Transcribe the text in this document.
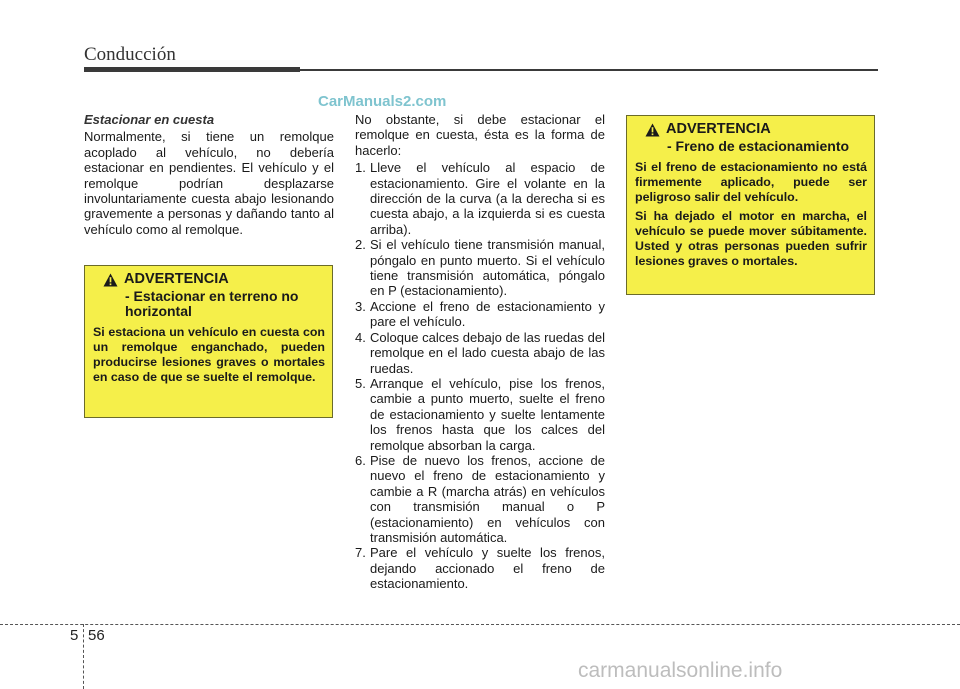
Conducción
CarManuals2.com

Estacionar en cuesta

Normalmente, si tiene un remolque acoplado al vehículo, no debería estacionar en pendientes. El vehículo y el remolque podrían desplazarse involuntariamente cuesta abajo lesionando gravemente a personas y dañando tanto al vehículo como al remolque.

ADVERTENCIA
- Estacionar en terreno no horizontal

Si estaciona un vehículo en cuesta con un remolque enganchado, pueden producirse lesiones graves o mortales en caso de que se suelte el remolque.

No obstante, si debe estacionar el remolque en cuesta, ésta es la forma de hacerlo:

1. Lleve el vehículo al espacio de estacionamiento. Gire el volante en la dirección de la curva (a la derecha si es cuesta abajo, a la izquierda si es cuesta arriba).
2. Si el vehículo tiene transmisión manual, póngalo en punto muerto. Si el vehículo tiene transmisión automática, póngalo en P (estacionamiento).
3. Accione el freno de estacionamiento y pare el vehículo.
4. Coloque calces debajo de las ruedas del remolque en el lado cuesta abajo de las ruedas.
5. Arranque el vehículo, pise los frenos, cambie a punto muerto, suelte el freno de estacionamiento y suelte lentamente los frenos hasta que los calces del remolque absorban la carga.
6. Pise de nuevo los frenos, accione de nuevo el freno de estacionamiento y cambie a R (marcha atrás) en vehículos con transmisión manual o P (estacionamiento) en vehículos con transmisión automática.
7. Pare el vehículo y suelte los frenos, dejando accionado el freno de estacionamiento.
ADVERTENCIA
- Freno de estacionamiento

Si el freno de estacionamiento no está firmemente aplicado, puede ser peligroso salir del vehículo.

Si ha dejado el motor en marcha, el vehículo se puede mover súbitamente. Usted y otras personas pueden sufrir lesiones graves o mortales.

5 56
carmanualsonline.info
